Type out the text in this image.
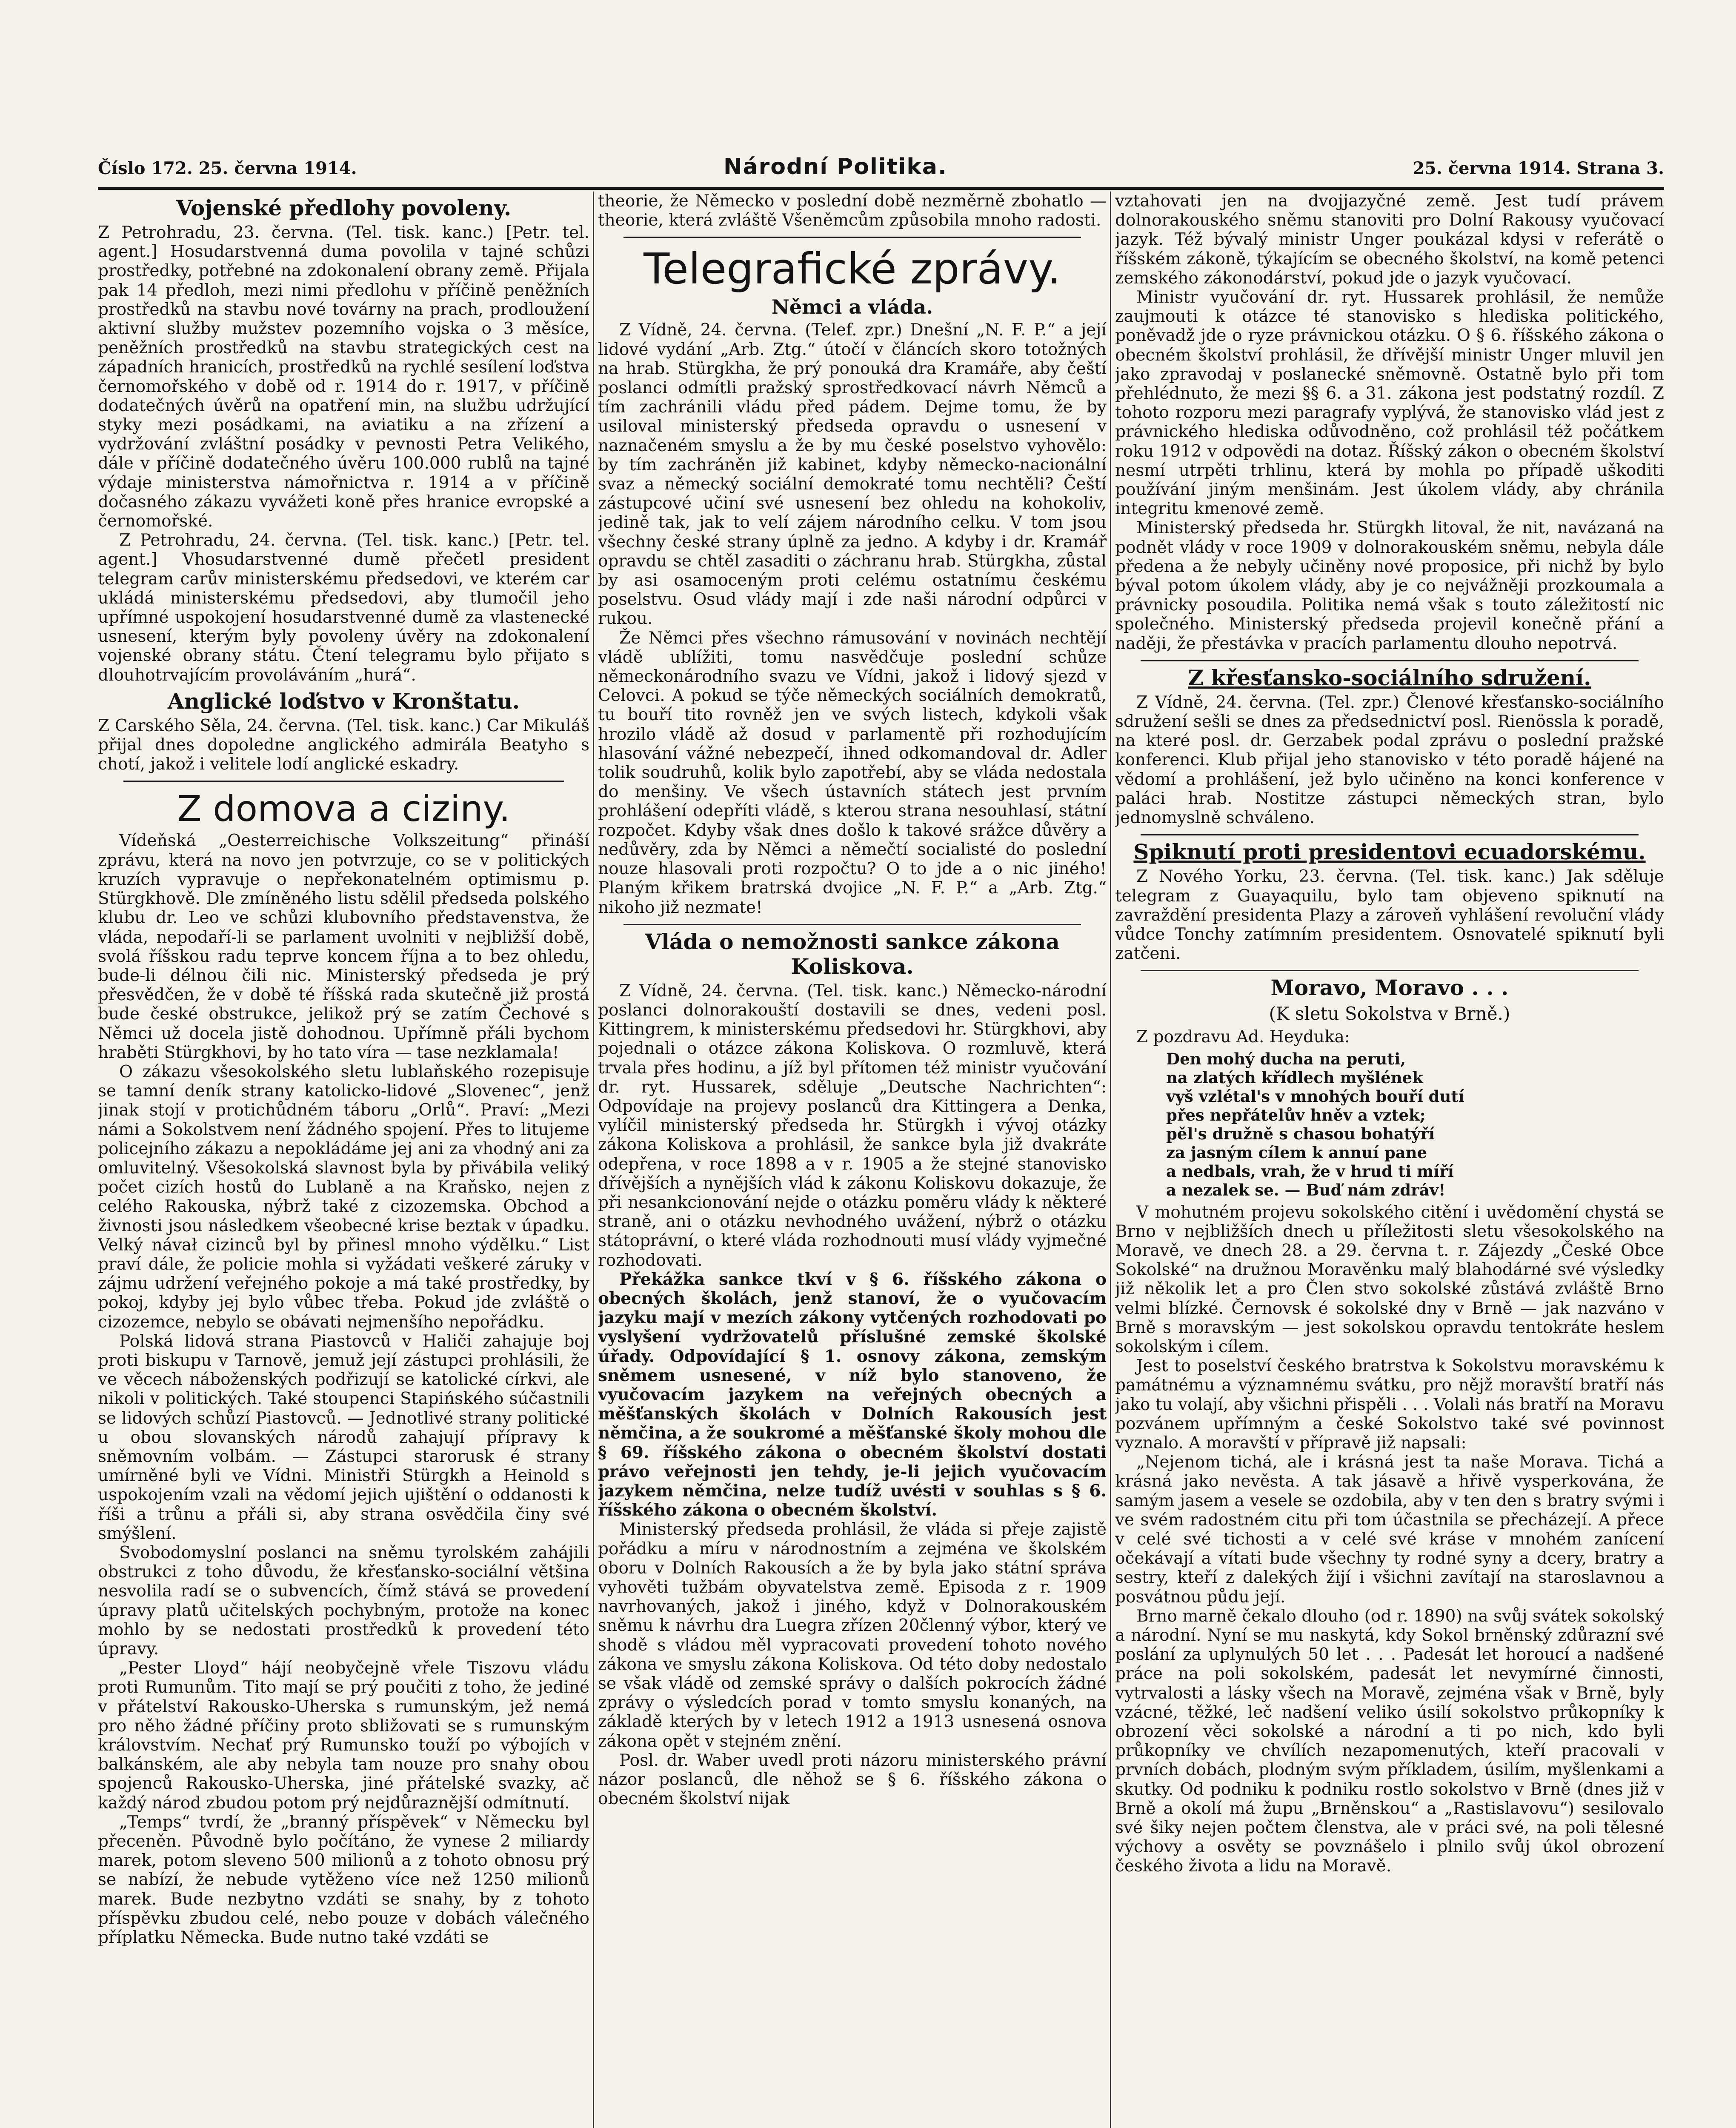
Číslo 172. 25. června 1914.	Národní Politika.	25. června 1914. Strana 3.
Vojenské předlohy povoleny.

Z Petrohradu, 23. června. (Tel. tisk. kanc.) [Petr. tel. agent.] Hosudarstvenná duma povolila v tajné schůzi prostředky, potřebné na zdokonalení obrany země. Přijala pak 14 předloh, mezi nimi předlohu v příčině peněžních prostředků na stavbu nové továrny na prach, prodloužení aktivní služby mužstev pozemního vojska o 3 měsíce, peněžních prostředků na stavbu strategických cest na západních hranicích, prostředků na rychlé sesílení loďstva černomořského v době od r. 1914 do r. 1917, v příčině dodatečných úvěrů na opatření min, na službu udržující styky mezi posádkami, na aviatiku a na zřízení a vydržování zvláštní posádky v pevnosti Petra Velikého, dále v příčině dodatečného úvěru 100.000 rublů na tajné výdaje ministerstva námořnictva r. 1914 a v příčině dočasného zákazu vyvážeti koně přes hranice evropské a černomořské.

Z Petrohradu, 24. června. (Tel. tisk. kanc.) [Petr. tel. agent.] Vhosudarstvenné dumě přečetl president telegram carův ministerskému předsedovi, ve kterém car ukládá ministerskému předsedovi, aby tlumočil jeho upřímné uspokojení hosudarstvenné dumě za vlastenecké usnesení, kterým byly povoleny úvěry na zdokonalení vojenské obrany státu. Čtení telegramu bylo přijato s dlouhotrvajícím provoláváním „hurá“.

Anglické loďstvo v Kronštatu.

Z Carského Sěla, 24. června. (Tel. tisk. kanc.) Car Mikuláš přijal dnes dopoledne anglického admirála Beatyho s chotí, jakož i velitele lodí anglické eskadry.

Z domova a ciziny.

Vídeňská „Oesterreichische Volkszeitung“ přináší zprávu, která na novo jen potvrzuje, co se v politických kruzích vypravuje o nepřekonatelném optimismu p. Stürgkhově. Dle zmíněného listu sdělil předseda polského klubu dr. Leo ve schůzi klubovního představenstva, že vláda, nepodaří-li se parlament uvolniti v nejbližší době, svolá říšskou radu teprve koncem října a to bez ohledu, bude-li délnou čili nic. Ministerský předseda je prý přesvědčen, že v době té říšská rada skutečně již prostá bude české obstrukce, jelikož prý se zatím Čechové s Němci už docela jistě dohodnou. Upřímně přáli bychom hraběti Stürgkhovi, by ho tato víra — tase nezklamala!

O zákazu všesokolského sletu lublaňského rozepisuje se tamní deník strany katolicko-lidové „Slovenec“, jenž jinak stojí v protichůdném táboru „Orlů“. Praví: „Mezi námi a Sokolstvem není žádného spojení. Přes to litujeme policejního zákazu a nepokládáme jej ani za vhodný ani za omluvitelný. Všesokolská slavnost byla by přivábila veliký počet cizích hostů do Lublaně a na Kraňsko, nejen z celého Rakouska, nýbrž také z cizozemska. Obchod a živnosti jsou následkem všeobecné krise beztak v úpadku. Velký návał cizinců byl by přinesl mnoho výdělku.“ List praví dále, že policie mohla si vyžádati veškeré záruky v zájmu udržení veřejného pokoje a má také prostředky, by pokoj, kdyby jej bylo vůbec třeba. Pokud jde zvláště o cizozemce, nebylo se obávati nejmenšího nepořádku.

Polská lidová strana Piastovců v Haliči zahajuje boj proti biskupu v Tarnově, jemuž její zástupci prohlásili, že ve věcech náboženských podřizují se katolické církvi, ale nikoli v politických. Také stoupenci Stapińského súčastnili se lidových schůzí Piastovců. — Jednotlivé strany politické u obou slovanských národů zahajují přípravy k sněmovním volbám. — Zástupci starorusk é strany umírněné byli ve Vídni. Ministři Stürgkh a Heinold s uspokojením vzali na vědomí jejich ujištění o oddanosti k říši a trůnu a přáli si, aby strana osvědčila činy své smýšlení.

Svobodomyslní poslanci na sněmu tyrolském zahájili obstrukci z toho důvodu, že křesťansko-sociální většina nesvolila radí se o subvencích, čímž stává se provedení úpravy platů učitelských pochybným, protože na konec mohlo by se nedostati prostředků k provedení této úpravy.

„Pester Lloyd“ hájí neobyčejně vřele Tiszovu vládu proti Rumunům. Tito mají se prý poučiti z toho, že jediné v přátelství Rakousko-Uherska s rumunským, jež nemá pro něho žádné příčiny proto sbližovati se s rumunským královstvím. Nechať prý Rumunsko touží po výbojích v balkánském, ale aby nebyla tam nouze pro snahy obou spojenců Rakousko-Uherska, jiné přátelské svazky, ač každý národ zbudou potom prý nejdůraznější odmítnutí.

„Temps“ tvrdí, že „branný příspěvek“ v Německu byl přeceněn. Původně bylo počítáno, že vynese 2 miliardy marek, potom sleveno 500 milionů a z tohoto obnosu prý se nabízí, že nebude vytěženo více než 1250 milionů marek. Bude nezbytno vzdáti se snahy, by z tohoto příspěvku zbudou celé, nebo pouze v dobách válečného příplatku Německa. Bude nutno také vzdáti se

theorie, že Německo v poslední době nezměrně zbohatlo — theorie, která zvláště Všeněmcům způsobila mnoho radosti.

Telegrafické zprávy.
Němci a vláda.

Z Vídně, 24. června. (Telef. zpr.) Dnešní „N. F. P.“ a její lidové vydání „Arb. Ztg.“ útočí v článcích skoro totožných na hrab. Stürgkha, že prý ponouká dra Kramáře, aby čeští poslanci odmítli pražský sprostředkovací návrh Němců a tím zachránili vládu před pádem. Dejme tomu, že by usiloval ministerský předseda opravdu o usnesení v naznačeném smyslu a že by mu české poselstvo vyhovělo: by tím zachráněn již kabinet, kdyby německo-nacionální svaz a německý sociální demokraté tomu nechtěli? Čeští zástupcové učiní své usnesení bez ohledu na kohokoliv, jedině tak, jak to velí zájem národního celku. V tom jsou všechny české strany úplně za jedno. A kdyby i dr. Kramář opravdu se chtěl zasaditi o záchranu hrab. Stürgkha, zůstal by asi osamoceným proti celému ostatnímu českému poselstvu. Osud vlády mají i zde naši národní odpůrci v rukou.

Že Němci přes všechno rámusování v novinách nechtějí vládě ublížiti, tomu nasvědčuje poslední schůze německonárodního svazu ve Vídni, jakož i lidový sjezd v Celovci. A pokud se týče německých sociálních demokratů, tu bouří tito rovněž jen ve svých listech, kdykoli však hrozilo vládě až dosud v parlamentě při rozhodujícím hlasování vážné nebezpečí, ihned odkomandoval dr. Adler tolik soudruhů, kolik bylo zapotřebí, aby se vláda nedostala do menšiny. Ve všech ústavních státech jest prvním prohlášení odepříti vládě, s kterou strana nesouhlasí, státní rozpočet. Kdyby však dnes došlo k takové srážce důvěry a nedůvěry, zda by Němci a němečtí socialisté do poslední nouze hlasovali proti rozpočtu? O to jde a o nic jiného! Planým křikem bratrská dvojice „N. F. P.“ a „Arb. Ztg.“ nikoho již nezmate!

Vláda o nemožnosti sankce zákona Koliskova.

Z Vídně, 24. června. (Tel. tisk. kanc.) Německo-národní poslanci dolnorakouští dostavili se dnes, vedeni posl. Kittingrem, k ministerskému předsedovi hr. Stürgkhovi, aby pojednali o otázce zákona Koliskova. O rozmluvě, která trvala přes hodinu, a jíž byl přítomen též ministr vyučování dr. ryt. Hussarek, sděluje „Deutsche Nachrichten“: Odpovídaje na projevy poslanců dra Kittingera a Denka, vylíčil ministerský předseda hr. Stürgkh i vývoj otázky zákona Koliskova a prohlásil, že sankce byla již dvakráte odepřena, v roce 1898 a v r. 1905 a že stejné stanovisko dřívějších a nynějších vlád k zákonu Koliskovu dokazuje, že při nesankcionování nejde o otázku poměru vlády k některé straně, ani o otázku nevhodného uvážení, nýbrž o otázku státoprávní, o které vláda rozhodnouti musí vlády vyjmečné rozhodovati.

Překážka sankce tkví v § 6. říšského zákona o obecných školách, jenž stanoví, že o vyučovacím jazyku mají v mezích zákony vytčených rozhodovati po vyslyšení vydržovatelů příslušné zemské školské úřady. Odpovídající § 1. osnovy zákona, zemským sněmem usnesené, v níž bylo stanoveno, že vyučovacím jazykem na veřejných obecných a měšťanských školách v Dolních Rakousích jest němčina, a že soukromé a měšťanské školy mohou dle § 69. říšského zákona o obecném školství dostati právo veřejnosti jen tehdy, je-li jejich vyučovacím jazykem němčina, nelze tudíž uvésti v souhlas s § 6. říšského zákona o obecném školství.

Ministerský předseda prohlásil, že vláda si přeje zajistě pořádku a míru v národnostním a zejména ve školském oboru v Dolních Rakousích a že by byla jako státní správa vyhověti tužbám obyvatelstva země. Episoda z r. 1909 navrhovaných, jakož i jiného, když v Dolnorakouském sněmu k návrhu dra Luegra zřízen 20členný výbor, který ve shodě s vládou měl vypracovati provedení tohoto nového zákona ve smyslu zákona Koliskova. Od této doby nedostalo se však vládě od zemské správy o dalších pokrocích žádné zprávy o výsledcích porad v tomto smyslu konaných, na základě kterých by v letech 1912 a 1913 usnesená osnova zákona opět v stejném znění.

Posl. dr. Waber uvedl proti názoru ministerského právní názor poslanců, dle něhož se § 6. říšského zákona o obecném školství nijak

vztahovati jen na dvojjazyčné země. Jest tudí právem dolnorakouského sněmu stanoviti pro Dolní Rakousy vyučovací jazyk. Též bývalý ministr Unger poukázal kdysi v referátě o říšském zákoně, týkajícím se obecného školství, na komě petenci zemského zákonodárství, pokud jde o jazyk vyučovací.

Ministr vyučování dr. ryt. Hussarek prohlásil, že nemůže zaujmouti k otázce té stanovisko s hlediska politického, poněvadž jde o ryze právnickou otázku. O § 6. říšského zákona o obecném školství prohlásil, že dřívější ministr Unger mluvil jen jako zpravodaj v poslanecké sněmovně. Ostatně bylo při tom přehlédnuto, že mezi §§ 6. a 31. zákona jest podstatný rozdíl. Z tohoto rozporu mezi paragrafy vyplývá, že stanovisko vlád jest z právnického hlediska odůvodněno, což prohlásil též počátkem roku 1912 v odpovědi na dotaz. Říšský zákon o obecném školství nesmí utrpěti trhlinu, která by mohla po případě uškoditi používání jiným menšinám. Jest úkolem vlády, aby chránila integritu kmenové země.

Ministerský předseda hr. Stürgkh litoval, že nit, navázaná na podnět vlády v roce 1909 v dolnorakouském sněmu, nebyla dále předena a že nebyly učiněny nové proposice, při nichž by bylo býval potom úkolem vlády, aby je co nejvážněji prozkoumala a právnicky posoudila. Politika nemá však s touto záležitostí nic společného. Ministerský předseda projevil konečně přání a naději, že přestávka v pracích parlamentu dlouho nepotrvá.

Z křesťansko-sociálního sdružení.

Z Vídně, 24. června. (Tel. zpr.) Členové křesťansko-sociálního sdružení sešli se dnes za předsednictví posl. Rienössla k poradě, na které posl. dr. Gerzabek podal zprávu o poslední pražské konferenci. Klub přijal jeho stanovisko v této poradě hájené na vědomí a prohlášení, jež bylo učiněno na konci konference v paláci hrab. Nostitze zástupci německých stran, bylo jednomyslně schváleno.

Spiknutí proti presidentovi ecuadorskému.

Z Nového Yorku, 23. června. (Tel. tisk. kanc.) Jak sděluje telegram z Guayaquilu, bylo tam objeveno spiknutí na zavraždění presidenta Plazy a zároveň vyhlášení revoluční vlády vůdce Tonchy zatímním presidentem. Osnovatelé spiknutí byli zatčeni.

Moravo, Moravo . . .
(K sletu Sokolstva v Brně.)

Z pozdravu Ad. Heyduka:

Den mohý ducha na peruti,
na zlatých křídlech myšlének
vyš vzlétal's v mnohých bouří dutí
přes nepřátelův hněv a vztek;
pěl's družně s chasou bohatýří
za jasným cílem k annuí pane
a nedbals, vrah, že v hrud ti míří
a nezalek se. — Buď nám zdráv!

V mohutném projevu sokolského citění i uvědomění chystá se Brno v nejbližších dnech u příležitosti sletu všesokolského na Moravě, ve dnech 28. a 29. června t. r. Zájezdy „České Obce Sokolské“ na družnou Moravěnku malý blahodárné své výsledky již několik let a pro Člen stvo sokolské zůstává zvláště Brno velmi blízké. Černovsk é sokolské dny v Brně — jak nazváno v Brně s moravským — jest sokolskou opravdu tentokráte heslem sokolským i cílem.

Jest to poselství českého bratrstva k Sokolstvu moravskému k památnému a významnému svátku, pro nějž moravští bratří nás jako tu volají, aby všichni přispěli . . . Volali nás bratří na Moravu pozvánem upřímným a české Sokolstvo také své povinnost vyznalo. A moravští v přípravě již napsali:

„Nejenom tichá, ale i krásná jest ta naše Morava. Tichá a krásná jako nevěsta. A tak jásavě a hřivě vysperkována, že samým jasem a vesele se ozdobila, aby v ten den s bratry svými i ve svém radostném citu při tom účastnila se přecházejí. A přece v celé své tichosti a v celé své kráse v mnohém zanícení očekávají a vítati bude všechny ty rodné syny a dcery, bratry a sestry, kteří z dalekých žijí i všichni zavítají na staroslavnou a posvátnou půdu její.

Brno marně čekalo dlouho (od r. 1890) na svůj svátek sokolský a národní. Nyní se mu naskytá, kdy Sokol brněnský zdůrazní své poslání za uplynulých 50 let . . . Padesát let horoucí a nadšené práce na poli sokolském, padesát let nevymírné činnosti, vytrvalosti a lásky všech na Moravě, zejména však v Brně, byly vzácné, těžké, leč nadšení veliko úsilí sokolstvo průkopníky k obrození věci sokolské a národní a ti po nich, kdo byli průkopníky ve chvílích nezapomenutých, kteří pracovali v prvních dobách, plodným svým příkladem, úsilím, myšlenkami a skutky. Od podniku k podniku rostlo sokolstvo v Brně (dnes již v Brně a okolí má župu „Brněnskou“ a „Rastislavovu“) sesilovalo své šiky nejen počtem členstva, ale v práci své, na poli tělesné výchovy a osvěty se povznášelo i plnilo svůj úkol obrození českého života a lidu na Moravě.
